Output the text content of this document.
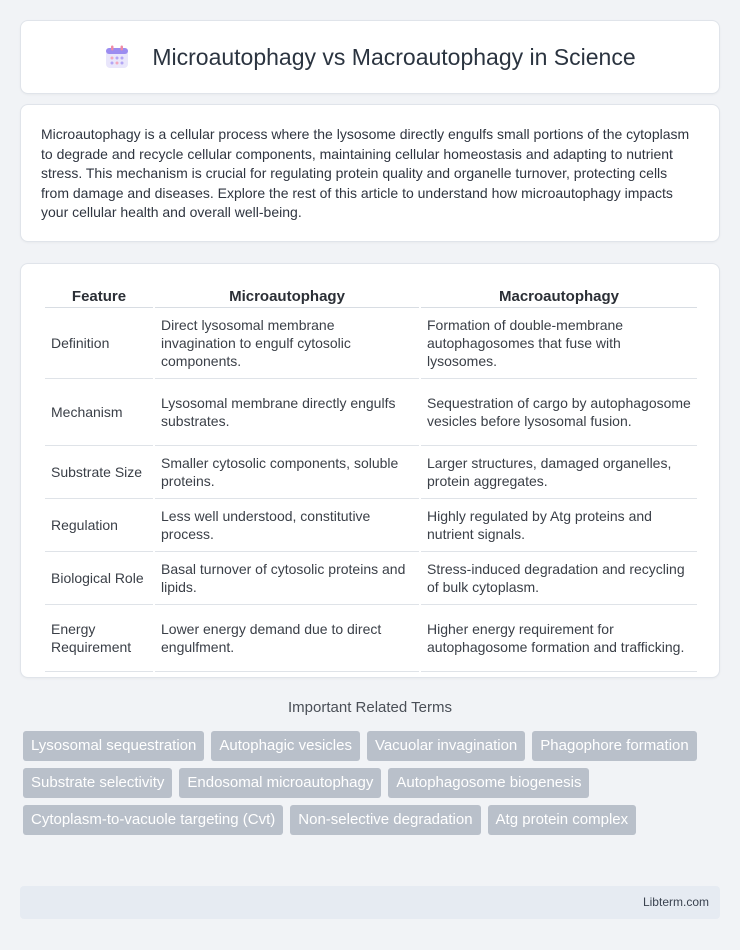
Microautophagy vs Macroautophagy in Science

Microautophagy is a cellular process where the lysosome directly engulfs small portions of the cytoplasm to degrade and recycle cellular components, maintaining cellular homeostasis and adapting to nutrient stress. This mechanism is crucial for regulating protein quality and organelle turnover, protecting cells from damage and diseases. Explore the rest of this article to understand how microautophagy impacts your cellular health and overall well-being.

Feature	Microautophagy	Macroautophagy
Definition	Direct lysosomal membrane invagination to engulf cytosolic components.	Formation of double-membrane autophagosomes that fuse with lysosomes.
Mechanism	Lysosomal membrane directly engulfs substrates.	Sequestration of cargo by autophagosome vesicles before lysosomal fusion.
Substrate Size	Smaller cytosolic components, soluble proteins.	Larger structures, damaged organelles, protein aggregates.
Regulation	Less well understood, constitutive process.	Highly regulated by Atg proteins and nutrient signals.
Biological Role	Basal turnover of cytosolic proteins and lipids.	Stress-induced degradation and recycling of bulk cytoplasm.
Energy Requirement	Lower energy demand due to direct engulfment.	Higher energy requirement for autophagosome formation and trafficking.
Important Related Terms
Lysosomal sequestration	Autophagic vesicles	Vacuolar invagination	Phagophore formation
Substrate selectivity	Endosomal microautophagy	Autophagosome biogenesis
Cytoplasm-to-vacuole targeting (Cvt)	Non-selective degradation	Atg protein complex
Libterm.com
